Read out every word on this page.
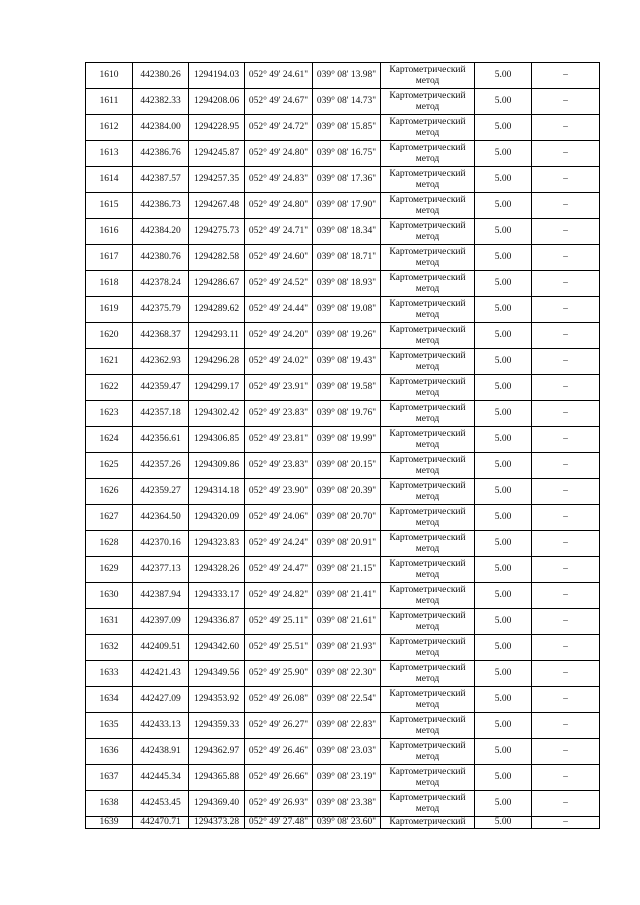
1610	442380.26	1294194.03	052° 49' 24.61"	039° 08' 13.98"	Картометрический метод	5.00	–
1611	442382.33	1294208.06	052° 49' 24.67"	039° 08' 14.73"	Картометрический метод	5.00	–
1612	442384.00	1294228.95	052° 49' 24.72"	039° 08' 15.85"	Картометрический метод	5.00	–
1613	442386.76	1294245.87	052° 49' 24.80"	039° 08' 16.75"	Картометрический метод	5.00	–
1614	442387.57	1294257.35	052° 49' 24.83"	039° 08' 17.36"	Картометрический метод	5.00	–
1615	442386.73	1294267.48	052° 49' 24.80"	039° 08' 17.90"	Картометрический метод	5.00	–
1616	442384.20	1294275.73	052° 49' 24.71"	039° 08' 18.34"	Картометрический метод	5.00	–
1617	442380.76	1294282.58	052° 49' 24.60"	039° 08' 18.71"	Картометрический метод	5.00	–
1618	442378.24	1294286.67	052° 49' 24.52"	039° 08' 18.93"	Картометрический метод	5.00	–
1619	442375.79	1294289.62	052° 49' 24.44"	039° 08' 19.08"	Картометрический метод	5.00	–
1620	442368.37	1294293.11	052° 49' 24.20"	039° 08' 19.26"	Картометрический метод	5.00	–
1621	442362.93	1294296.28	052° 49' 24.02"	039° 08' 19.43"	Картометрический метод	5.00	–
1622	442359.47	1294299.17	052° 49' 23.91"	039° 08' 19.58"	Картометрический метод	5.00	–
1623	442357.18	1294302.42	052° 49' 23.83"	039° 08' 19.76"	Картометрический метод	5.00	–
1624	442356.61	1294306.85	052° 49' 23.81"	039° 08' 19.99"	Картометрический метод	5.00	–
1625	442357.26	1294309.86	052° 49' 23.83"	039° 08' 20.15"	Картометрический метод	5.00	–
1626	442359.27	1294314.18	052° 49' 23.90"	039° 08' 20.39"	Картометрический метод	5.00	–
1627	442364.50	1294320.09	052° 49' 24.06"	039° 08' 20.70"	Картометрический метод	5.00	–
1628	442370.16	1294323.83	052° 49' 24.24"	039° 08' 20.91"	Картометрический метод	5.00	–
1629	442377.13	1294328.26	052° 49' 24.47"	039° 08' 21.15"	Картометрический метод	5.00	–
1630	442387.94	1294333.17	052° 49' 24.82"	039° 08' 21.41"	Картометрический метод	5.00	–
1631	442397.09	1294336.87	052° 49' 25.11"	039° 08' 21.61"	Картометрический метод	5.00	–
1632	442409.51	1294342.60	052° 49' 25.51"	039° 08' 21.93"	Картометрический метод	5.00	–
1633	442421.43	1294349.56	052° 49' 25.90"	039° 08' 22.30"	Картометрический метод	5.00	–
1634	442427.09	1294353.92	052° 49' 26.08"	039° 08' 22.54"	Картометрический метод	5.00	–
1635	442433.13	1294359.33	052° 49' 26.27"	039° 08' 22.83"	Картометрический метод	5.00	–
1636	442438.91	1294362.97	052° 49' 26.46"	039° 08' 23.03"	Картометрический метод	5.00	–
1637	442445.34	1294365.88	052° 49' 26.66"	039° 08' 23.19"	Картометрический метод	5.00	–
1638	442453.45	1294369.40	052° 49' 26.93"	039° 08' 23.38"	Картометрический метод	5.00	–
1639	442470.71	1294373.28	052° 49' 27.48"	039° 08' 23.60"	Картометрический	5.00	–
